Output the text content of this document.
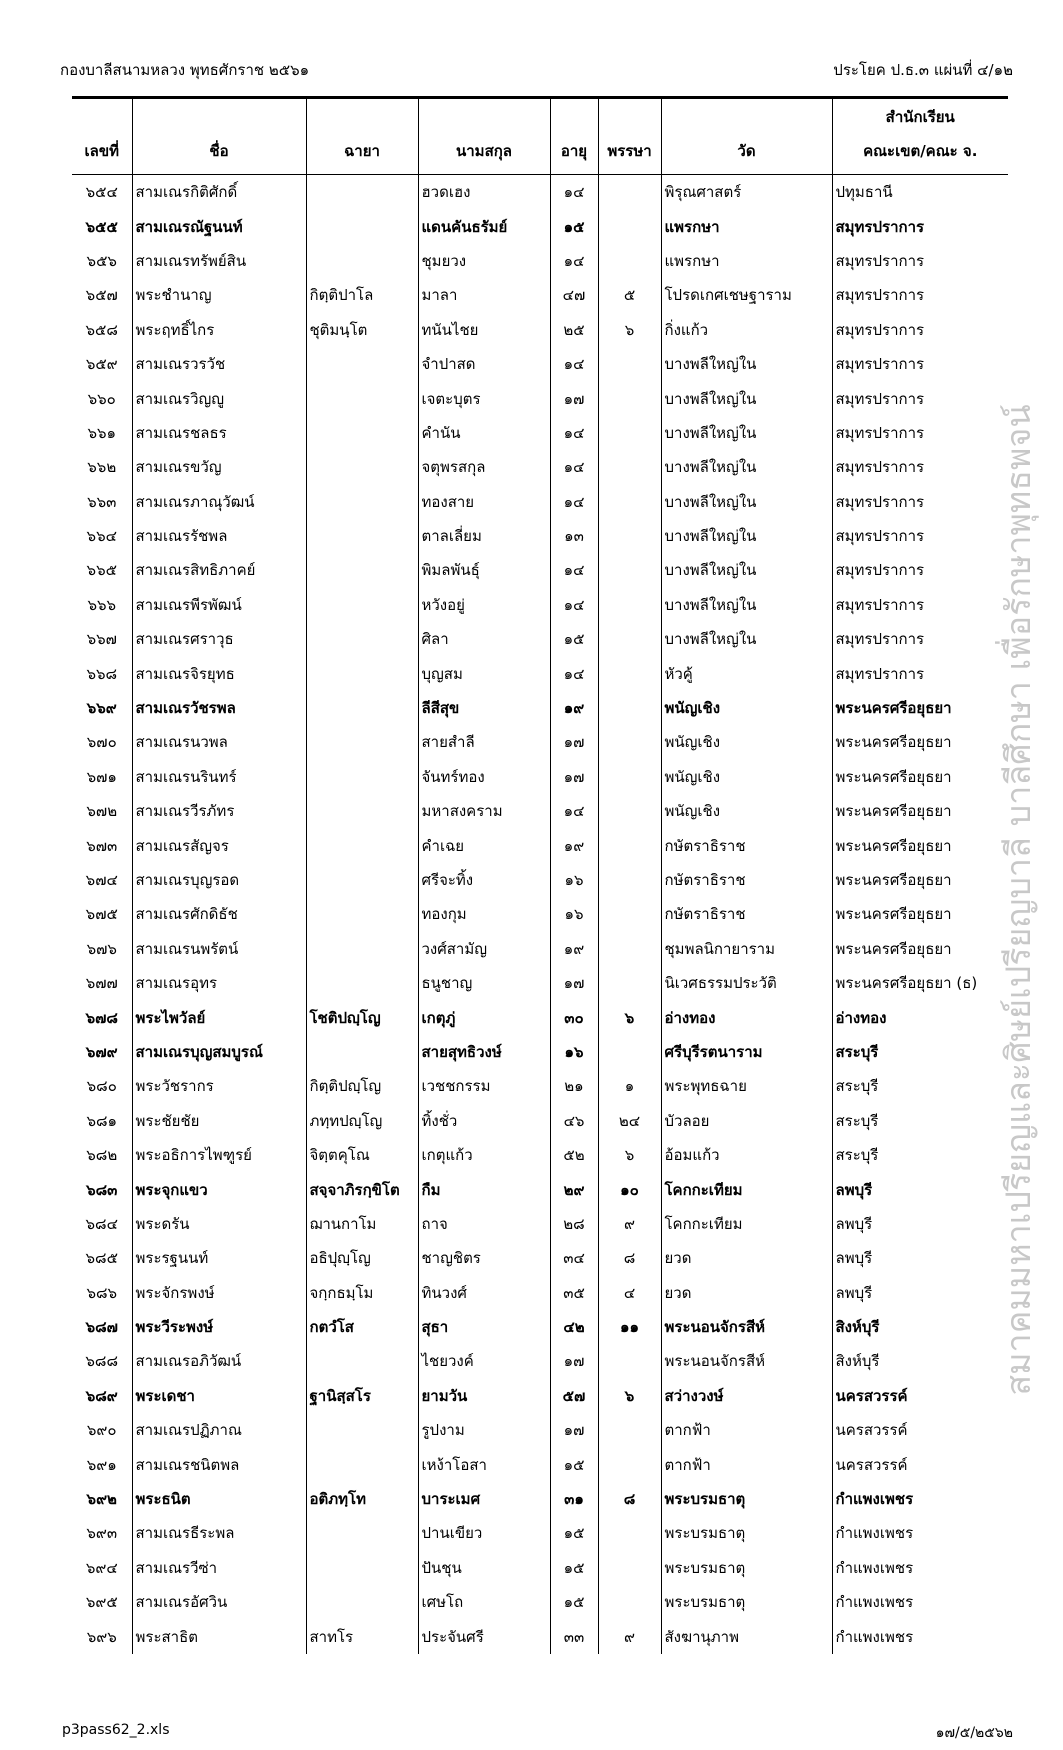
กองบาลีสนามหลวง พุทธศักราช ๒๕๖๑	ประโยค ป.ธ.๓ แผ่นที่ ๔/๑๒
สมาคมมหาเปรียญและศิษย์เปรียญบาลี บาลีศึกษา เพื่อรักษาพุทธพจน์
เลขที่	ชื่อ	ฉายา	นามสกุล	อายุ	พรรษา	วัด	สำนักเรียน
คณะเขต/คณะ จ.

๖๕๔	สามเณรกิติศักดิ์		ฮวดเฮง	๑๔		พิรุณศาสตร์	ปทุมธานี
๖๕๕	สามเณรณัฐนนท์		แดนคันธรัมย์	๑๕		แพรกษา	สมุทรปราการ
๖๕๖	สามเณรทรัพย์สิน		ชุมยวง	๑๔		แพรกษา	สมุทรปราการ
๖๕๗	พระชำนาญ	กิตฺติปาโล	มาลา	๔๗	๕	โปรดเกศเชษฐาราม	สมุทรปราการ
๖๕๘	พระฤทธิ์ไกร	ชุติมนฺโต	ทนันไชย	๒๕	๖	กิ่งแก้ว	สมุทรปราการ
๖๕๙	สามเณรวรวัช		จำปาสด	๑๔		บางพลีใหญ่ใน	สมุทรปราการ
๖๖๐	สามเณรวิญญู		เจตะบุตร	๑๗		บางพลีใหญ่ใน	สมุทรปราการ
๖๖๑	สามเณรชลธร		คำนัน	๑๔		บางพลีใหญ่ใน	สมุทรปราการ
๖๖๒	สามเณรขวัญ		จตุพรสกุล	๑๔		บางพลีใหญ่ใน	สมุทรปราการ
๖๖๓	สามเณรภาณุวัฒน์		ทองสาย	๑๔		บางพลีใหญ่ใน	สมุทรปราการ
๖๖๔	สามเณรรัชพล		ตาลเลี่ยม	๑๓		บางพลีใหญ่ใน	สมุทรปราการ
๖๖๕	สามเณรสิทธิภาคย์		พิมลพันธุ์	๑๔		บางพลีใหญ่ใน	สมุทรปราการ
๖๖๖	สามเณรพีรพัฒน์		หวังอยู่	๑๔		บางพลีใหญ่ใน	สมุทรปราการ
๖๖๗	สามเณรศราวุธ		ศิลา	๑๕		บางพลีใหญ่ใน	สมุทรปราการ
๖๖๘	สามเณรจิรยุทธ		บุญสม	๑๔		หัวคู้	สมุทรปราการ
๖๖๙	สามเณรวัชรพล		ลีสีสุข	๑๙		พนัญเชิง	พระนครศรีอยุธยา
๖๗๐	สามเณรนวพล		สายสำลี	๑๗		พนัญเชิง	พระนครศรีอยุธยา
๖๗๑	สามเณรนรินทร์		จันทร์ทอง	๑๗		พนัญเชิง	พระนครศรีอยุธยา
๖๗๒	สามเณรวีรภัทร		มหาสงคราม	๑๔		พนัญเชิง	พระนครศรีอยุธยา
๖๗๓	สามเณรสัญจร		คำเฉย	๑๙		กษัตราธิราช	พระนครศรีอยุธยา
๖๗๔	สามเณรบุญรอด		ศรีจะทิ้ง	๑๖		กษัตราธิราช	พระนครศรีอยุธยา
๖๗๕	สามเณรศักดิธัช		ทองกุม	๑๖		กษัตราธิราช	พระนครศรีอยุธยา
๖๗๖	สามเณรนพรัตน์		วงศ์สามัญ	๑๙		ชุมพลนิกายาราม	พระนครศรีอยุธยา
๖๗๗	สามเณรอุทร		ธนูชาญ	๑๗		นิเวศธรรมประวัติ	พระนครศรีอยุธยา (ธ)
๖๗๘	พระไพวัลย์	โชติปญฺโญ	เกตุภู่	๓๐	๖	อ่างทอง	อ่างทอง
๖๗๙	สามเณรบุญสมบูรณ์		สายสุทธิวงษ์	๑๖		ศรีบุรีรตนาราม	สระบุรี
๖๘๐	พระวัชรากร	กิตฺติปญฺโญ	เวชชกรรม	๒๑	๑	พระพุทธฉาย	สระบุรี
๖๘๑	พระชัยชัย	ภทฺทปญฺโญ	ทิ้งชั่ว	๔๖	๒๔	บัวลอย	สระบุรี
๖๘๒	พระอธิการไพฑูรย์	จิตฺตคุโณ	เกตุแก้ว	๕๒	๖	อ้อมแก้ว	สระบุรี
๖๘๓	พระจุกแขว	สจฺจาภิรกฺขิโต	กืม	๒๙	๑๐	โคกกะเทียม	ลพบุรี
๖๘๔	พระดรัน	ฌานกาโม	ถาจ	๒๘	๙	โคกกะเทียม	ลพบุรี
๖๘๕	พระรฐนนท์	อธิปุญฺโญ	ชาญชิตร	๓๔	๘	ยวด	ลพบุรี
๖๘๖	พระจักรพงษ์	จกฺกธมฺโม	ทินวงศ์	๓๕	๔	ยวด	ลพบุรี
๖๘๗	พระวีระพงษ์	กตวํโส	สุธา	๔๒	๑๑	พระนอนจักรสีห์	สิงห์บุรี
๖๘๘	สามเณรอภิวัฒน์		ไชยวงค์	๑๗		พระนอนจักรสีห์	สิงห์บุรี
๖๘๙	พระเดชา	ฐานิสฺสโร	ยามวัน	๕๗	๖	สว่างวงษ์	นครสวรรค์
๖๙๐	สามเณรปฏิภาณ		รูปงาม	๑๗		ตากฟ้า	นครสวรรค์
๖๙๑	สามเณรชนิตพล		เหง้าโอสา	๑๕		ตากฟ้า	นครสวรรค์
๖๙๒	พระธนิต	อติภทฺโท	บาระเมศ	๓๑	๘	พระบรมธาตุ	กำแพงเพชร
๖๙๓	สามเณรธีระพล		ปานเขียว	๑๕		พระบรมธาตุ	กำแพงเพชร
๖๙๔	สามเณรวีซ่า		ปันชุน	๑๕		พระบรมธาตุ	กำแพงเพชร
๖๙๕	สามเณรอัศวิน		เศษโถ	๑๕		พระบรมธาตุ	กำแพงเพชร
๖๙๖	พระสาธิต	สาทโร	ประจันศรี	๓๓	๙	สังฆานุภาพ	กำแพงเพชร
p3pass62_2.xls	๑๗/๕/๒๕๖๒
